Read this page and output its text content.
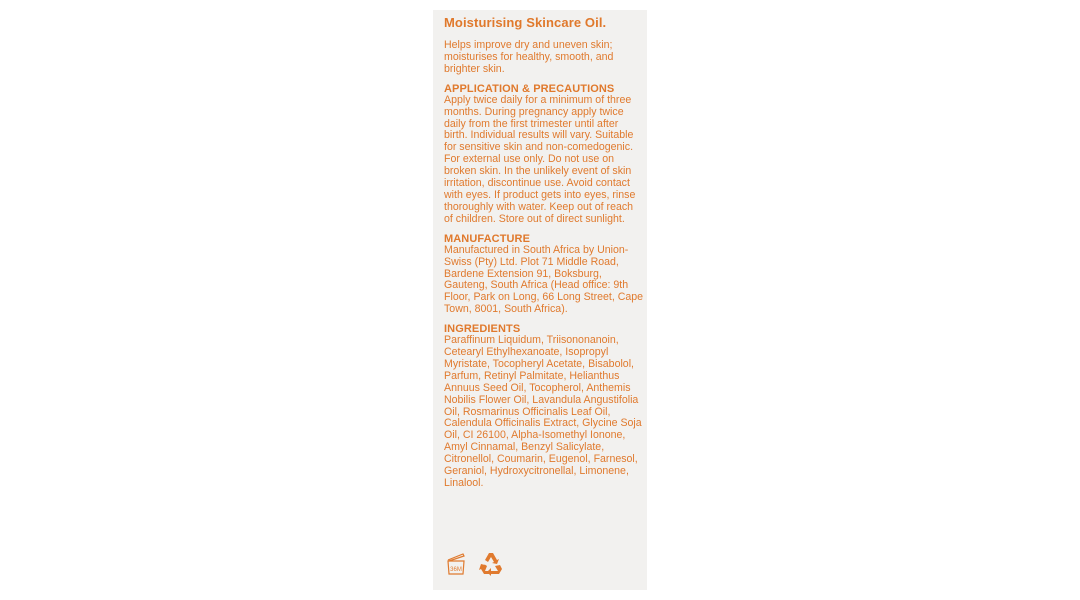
Moisturising Skincare Oil.

Helps improve dry and uneven skin; moisturises for healthy, smooth, and brighter skin.

APPLICATION & PRECAUTIONS

Apply twice daily for a minimum of three months. During pregnancy apply twice daily from the first trimester until after birth. Individual results will vary. Suitable for sensitive skin and non-comedogenic. For external use only. Do not use on broken skin. In the unlikely event of skin irritation, discontinue use. Avoid contact with eyes. If product gets into eyes, rinse thoroughly with water. Keep out of reach of children. Store out of direct sunlight.

MANUFACTURE

Manufactured in South Africa by Union-Swiss (Pty) Ltd. Plot 71 Middle Road, Bardene Extension 91, Boksburg, Gauteng, South Africa (Head office: 9th Floor, Park on Long, 66 Long Street, Cape Town, 8001, South Africa).

INGREDIENTS

Paraffinum Liquidum, Triisononanoin, Cetearyl Ethylhexanoate, Isopropyl Myristate, Tocopheryl Acetate, Bisabolol, Parfum, Retinyl Palmitate, Helianthus Annuus Seed Oil, Tocopherol, Anthemis Nobilis Flower Oil, Lavandula Angustifolia Oil, Rosmarinus Officinalis Leaf Oil, Calendula Officinalis Extract, Glycine Soja Oil, CI 26100, Alpha-Isomethyl Ionone, Amyl Cinnamal, Benzyl Salicylate, Citronellol, Coumarin, Eugenol, Farnesol, Geraniol, Hydroxycitronellal, Limonene, Linalool.

36M
